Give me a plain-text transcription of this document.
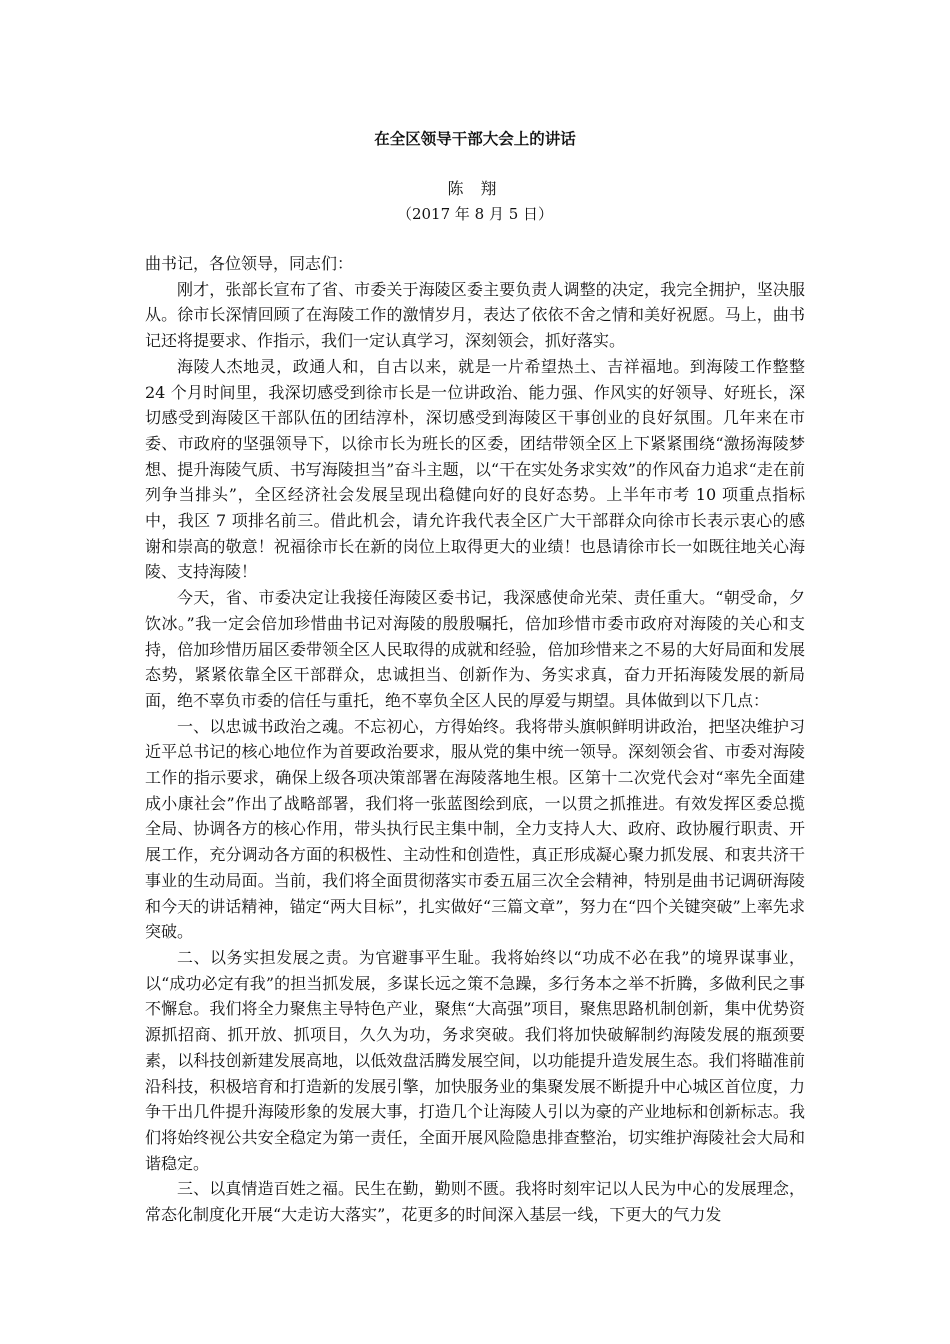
在全区领导干部大会上的讲话
陈 翔
（2017 年 8 月 5 日）

曲书记，各位领导，同志们：

刚才，张部长宣布了省、市委关于海陵区委主要负责人调整的决定，我完全拥护，坚决服从。徐市长深情回顾了在海陵工作的激情岁月，表达了依依不舍之情和美好祝愿。马上，曲书记还将提要求、作指示，我们一定认真学习，深刻领会，抓好落实。

海陵人杰地灵，政通人和，自古以来，就是一片希望热土、吉祥福地。到海陵工作整整 24 个月时间里，我深切感受到徐市长是一位讲政治、能力强、作风实的好领导、好班长，深切感受到海陵区干部队伍的团结淳朴，深切感受到海陵区干事创业的良好氛围。几年来在市委、市政府的坚强领导下，以徐市长为班长的区委，团结带领全区上下紧紧围绕“激扬海陵梦想、提升海陵气质、书写海陵担当”奋斗主题，以“干在实处务求实效”的作风奋力追求“走在前列争当排头”，全区经济社会发展呈现出稳健向好的良好态势。上半年市考 10 项重点指标中，我区 7 项排名前三。借此机会，请允许我代表全区广大干部群众向徐市长表示衷心的感谢和崇高的敬意！祝福徐市长在新的岗位上取得更大的业绩！也恳请徐市长一如既往地关心海陵、支持海陵！

今天，省、市委决定让我接任海陵区委书记，我深感使命光荣、责任重大。“朝受命，夕饮冰。”我一定会倍加珍惜曲书记对海陵的殷殷嘱托，倍加珍惜市委市政府对海陵的关心和支持，倍加珍惜历届区委带领全区人民取得的成就和经验，倍加珍惜来之不易的大好局面和发展态势，紧紧依靠全区干部群众，忠诚担当、创新作为、务实求真，奋力开拓海陵发展的新局面，绝不辜负市委的信任与重托，绝不辜负全区人民的厚爱与期望。具体做到以下几点：

一、以忠诚书政治之魂。不忘初心，方得始终。我将带头旗帜鲜明讲政治，把坚决维护习近平总书记的核心地位作为首要政治要求，服从党的集中统一领导。深刻领会省、市委对海陵工作的指示要求，确保上级各项决策部署在海陵落地生根。区第十二次党代会对“率先全面建成小康社会”作出了战略部署，我们将一张蓝图绘到底，一以贯之抓推进。有效发挥区委总揽全局、协调各方的核心作用，带头执行民主集中制，全力支持人大、政府、政协履行职责、开展工作，充分调动各方面的积极性、主动性和创造性，真正形成凝心聚力抓发展、和衷共济干事业的生动局面。当前，我们将全面贯彻落实市委五届三次全会精神，特别是曲书记调研海陵和今天的讲话精神，锚定“两大目标”，扎实做好“三篇文章”，努力在“四个关键突破”上率先求突破。

二、以务实担发展之责。为官避事平生耻。我将始终以“功成不必在我”的境界谋事业，以“成功必定有我”的担当抓发展，多谋长远之策不急躁，多行务本之举不折腾，多做利民之事不懈怠。我们将全力聚焦主导特色产业，聚焦“大高强”项目，聚焦思路机制创新，集中优势资源抓招商、抓开放、抓项目，久久为功，务求突破。我们将加快破解制约海陵发展的瓶颈要素，以科技创新建发展高地，以低效盘活腾发展空间，以功能提升造发展生态。我们将瞄准前沿科技，积极培育和打造新的发展引擎，加快服务业的集聚发展不断提升中心城区首位度，力争干出几件提升海陵形象的发展大事，打造几个让海陵人引以为豪的产业地标和创新标志。我们将始终视公共安全稳定为第一责任，全面开展风险隐患排查整治，切实维护海陵社会大局和谐稳定。

三、以真情造百姓之福。民生在勤，勤则不匮。我将时刻牢记以人民为中心的发展理念，常态化制度化开展“大走访大落实”，花更多的时间深入基层一线，下更大的气力发
